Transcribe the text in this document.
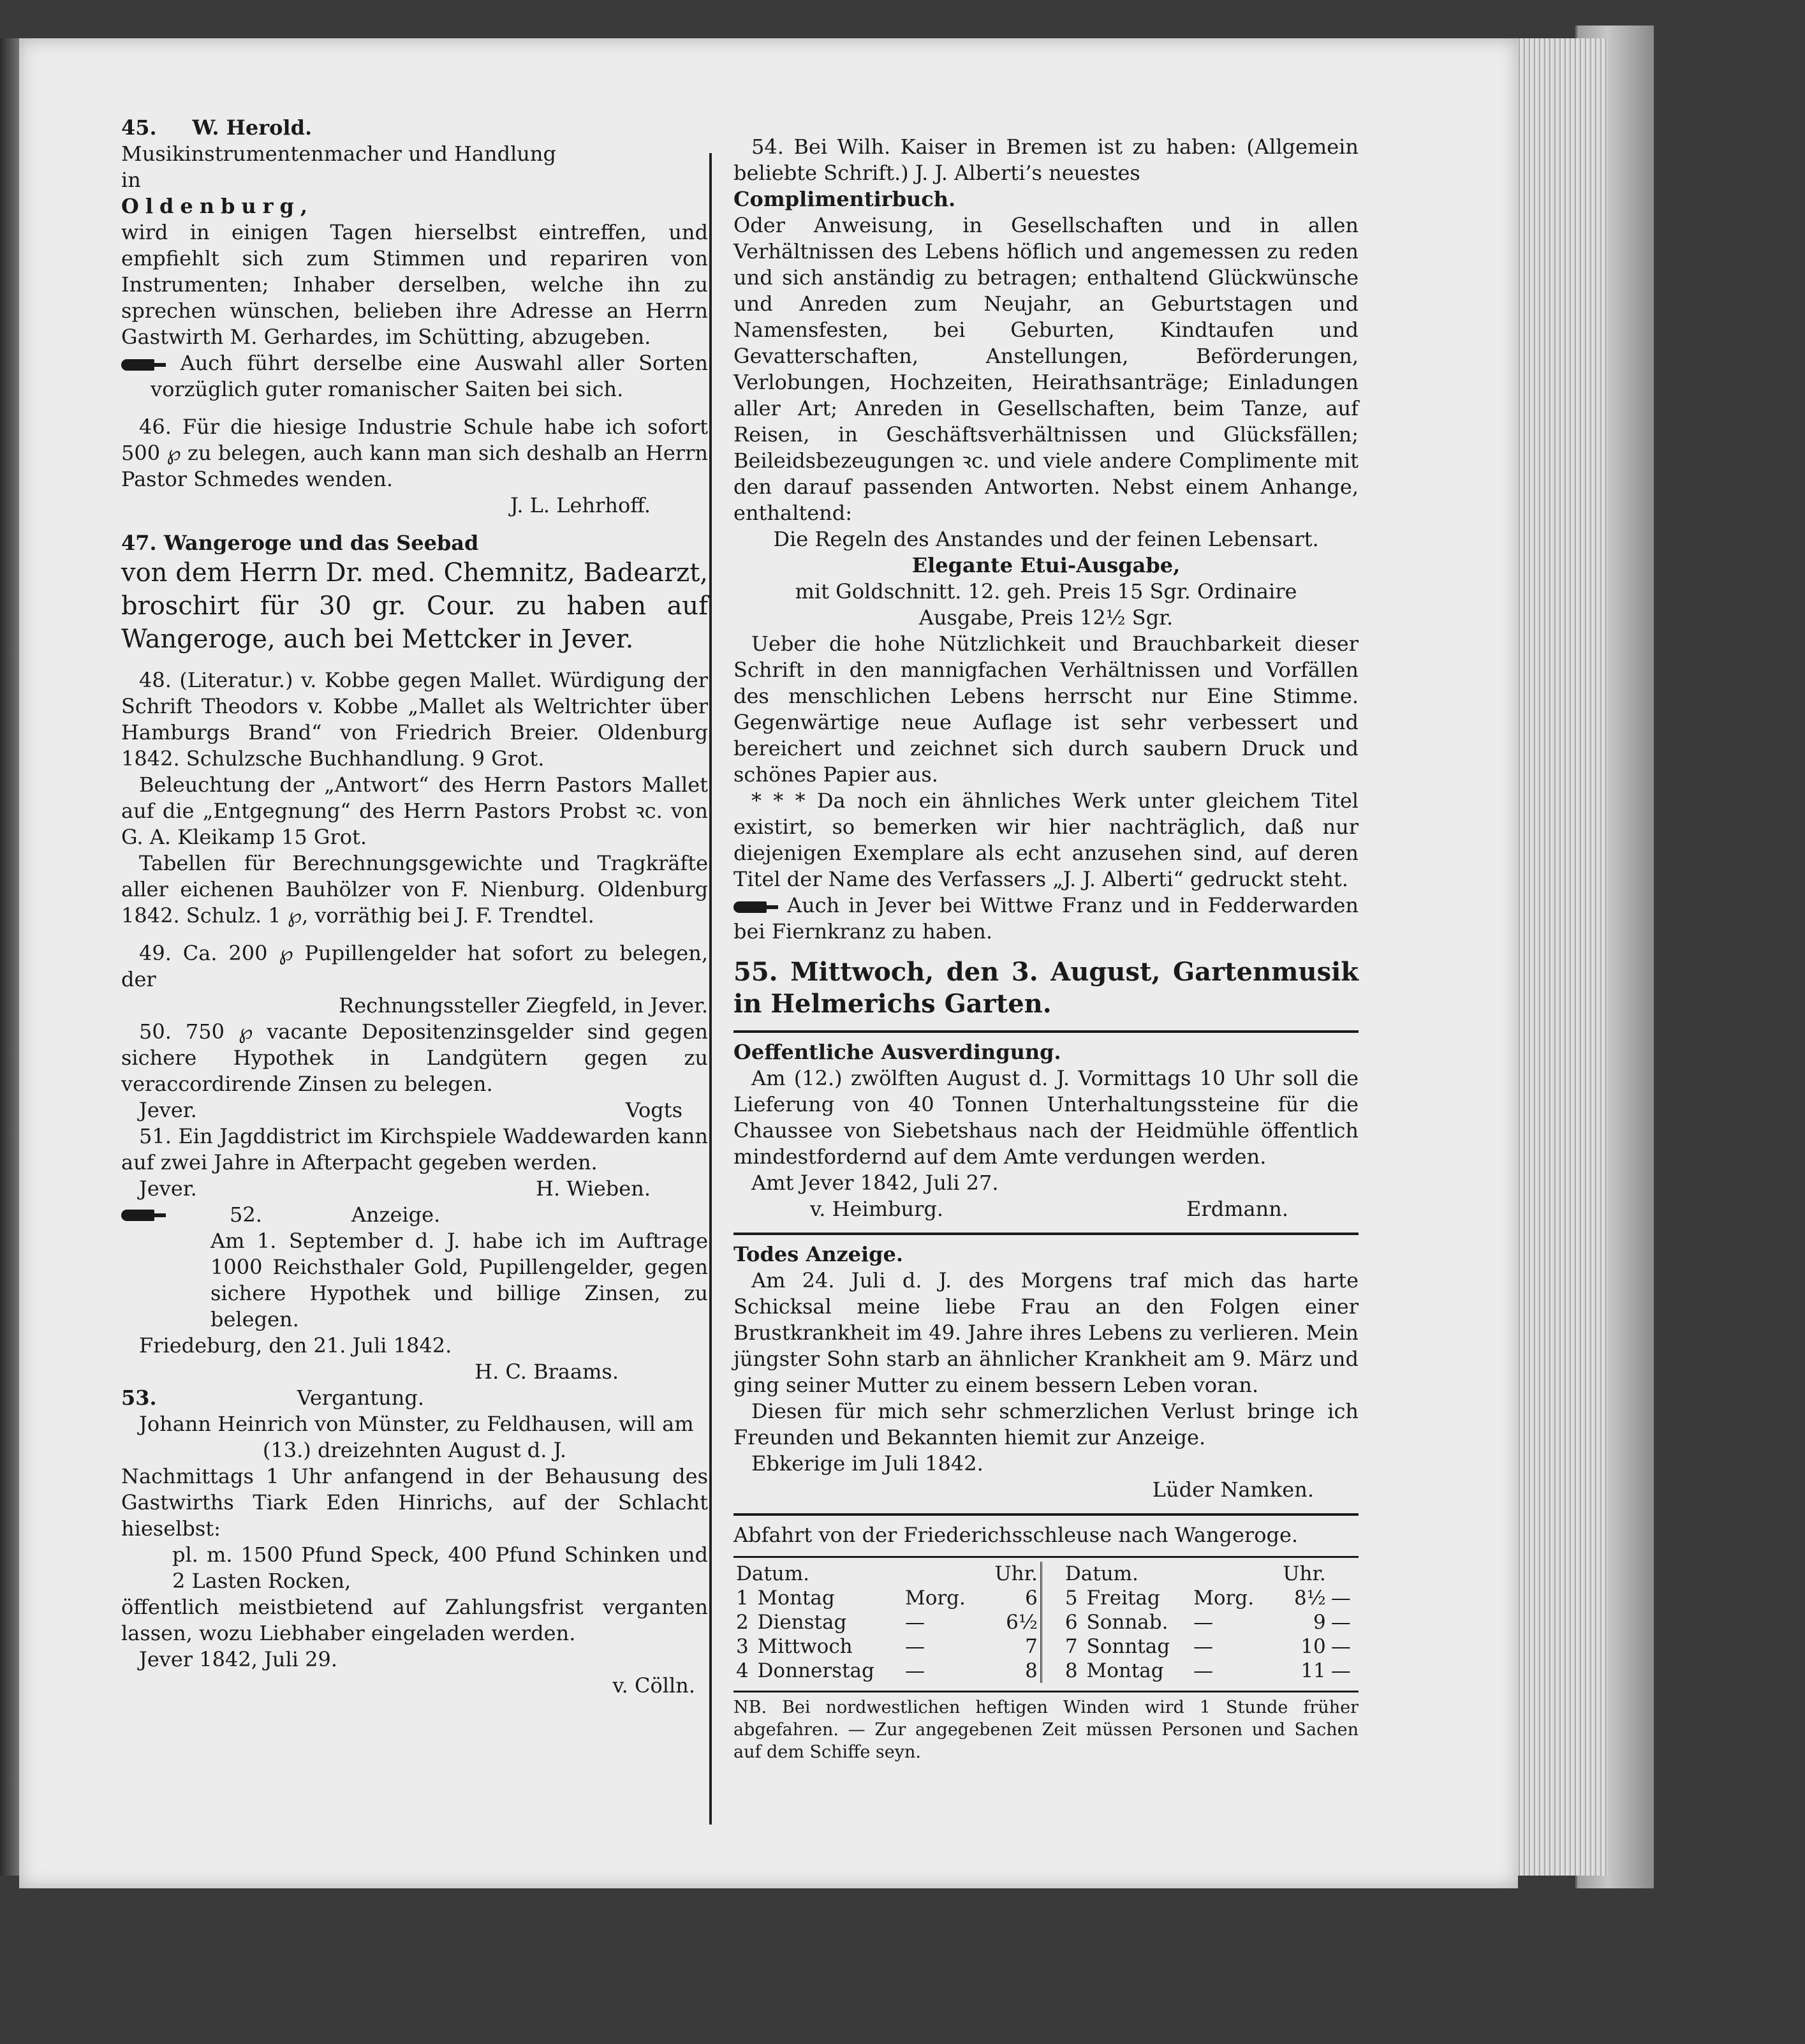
45. W. Herold.
Musikinstrumentenmacher und Handlung
in
Oldenburg,

wird in einigen Tagen hierselbst eintreffen, und empfiehlt sich zum Stimmen und repariren von Instrumenten; Inhaber derselben, welche ihn zu sprechen wünschen, belieben ihre Adresse an Herrn Gastwirth M. Gerhardes, im Schütting, abzugeben.

Auch führt derselbe eine Auswahl aller Sorten vorzüglich guter romanischer Saiten bei sich.

46. Für die hiesige Industrie Schule habe ich sofort 500 ℘ zu belegen, auch kann man sich deshalb an Herrn Pastor Schmedes wenden.

J. L. Lehrhoff.

47. Wangeroge und das Seebad

von dem Herrn Dr. med. Chemnitz, Badearzt, broschirt für 30 gr. Cour. zu haben auf Wangeroge, auch bei Mettcker in Jever.

48. (Literatur.) v. Kobbe gegen Mallet. Würdigung der Schrift Theodors v. Kobbe „Mallet als Weltrichter über Hamburgs Brand“ von Friedrich Breier. Oldenburg 1842. Schulzsche Buchhandlung. 9 Grot.

Beleuchtung der „Antwort“ des Herrn Pastors Mallet auf die „Entgegnung“ des Herrn Pastors Probst ꝛc. von G. A. Kleikamp 15 Grot.

Tabellen für Berechnungsgewichte und Tragkräfte aller eichenen Bauhölzer von F. Nienburg. Oldenburg 1842. Schulz. 1 ℘, vorräthig bei J. F. Trendtel.

49. Ca. 200 ℘ Pupillengelder hat sofort zu belegen, der

Rechnungssteller Ziegfeld, in Jever.

50. 750 ℘ vacante Depositenzinsgelder sind gegen sichere Hypothek in Landgütern gegen zu veraccordirende Zinsen zu belegen.

Jever.	Vogts

51. Ein Jagddistrict im Kirchspiele Waddewarden kann auf zwei Jahre in Afterpacht gegeben werden.

Jever.	H. Wieben.
52.	Anzeige.

Am 1. September d. J. habe ich im Auftrage 1000 Reichsthaler Gold, Pupillengelder, gegen sichere Hypothek und billige Zinsen, zu belegen.

Friedeburg, den 21. Juli 1842.

H. C. Braams.

53.	Vergantung.

Johann Heinrich von Münster, zu Feldhausen, will am

(13.) dreizehnten August d. J.

Nachmittags 1 Uhr anfangend in der Behausung des Gastwirths Tiark Eden Hinrichs, auf der Schlacht hieselbst:

pl. m. 1500 Pfund Speck, 400 Pfund Schinken und 2 Lasten Rocken,

öffentlich meistbietend auf Zahlungsfrist verganten lassen, wozu Liebhaber eingeladen werden.

Jever 1842, Juli 29.

v. Cölln.

54. Bei Wilh. Kaiser in Bremen ist zu haben: (Allgemein beliebte Schrift.) J. J. Alberti’s neuestes

Complimentirbuch.

Oder Anweisung, in Gesellschaften und in allen Verhältnissen des Lebens höflich und angemessen zu reden und sich anständig zu betragen; enthaltend Glückwünsche und Anreden zum Neujahr, an Geburtstagen und Namensfesten, bei Geburten, Kindtaufen und Gevatterschaften, Anstellungen, Beförderungen, Verlobungen, Hochzeiten, Heirathsanträge; Einladungen aller Art; Anreden in Gesellschaften, beim Tanze, auf Reisen, in Geschäftsverhältnissen und Glücksfällen; Beileidsbezeugungen ꝛc. und viele andere Complimente mit den darauf passenden Antworten. Nebst einem Anhange, enthaltend:

Die Regeln des Anstandes und der feinen Lebensart.

Elegante Etui-Ausgabe,

mit Goldschnitt. 12. geh. Preis 15 Sgr. Ordinaire

Ausgabe, Preis 12½ Sgr.

Ueber die hohe Nützlichkeit und Brauchbarkeit dieser Schrift in den mannigfachen Verhältnissen und Vorfällen des menschlichen Lebens herrscht nur Eine Stimme. Gegenwärtige neue Auflage ist sehr verbessert und bereichert und zeichnet sich durch saubern Druck und schönes Papier aus.

* * * Da noch ein ähnliches Werk unter gleichem Titel existirt, so bemerken wir hier nachträglich, daß nur diejenigen Exemplare als echt anzusehen sind, auf deren Titel der Name des Verfassers „J. J. Alberti“ gedruckt steht.

Auch in Jever bei Wittwe Franz und in Fedderwarden bei Fiernkranz zu haben.

55. Mittwoch, den 3. August, Gartenmusik in Helmerichs Garten.

Oeffentliche Ausverdingung.

Am (12.) zwölften August d. J. Vormittags 10 Uhr soll die Lieferung von 40 Tonnen Unterhaltungssteine für die Chaussee von Siebetshaus nach der Heidmühle öffentlich mindestfordernd auf dem Amte verdungen werden.

Amt Jever 1842, Juli 27.

v. Heimburg.	Erdmann.
Todes Anzeige.

Am 24. Juli d. J. des Morgens traf mich das harte Schicksal meine liebe Frau an den Folgen einer Brustkrankheit im 49. Jahre ihres Lebens zu verlieren. Mein jüngster Sohn starb an ähnlicher Krankheit am 9. März und ging seiner Mutter zu einem bessern Leben voran.

Diesen für mich sehr schmerzlichen Verlust bringe ich Freunden und Bekannten hiemit zur Anzeige.

Ebkerige im Juli 1842.

Lüder Namken.

Abfahrt von der Friederichsschleuse nach Wangeroge.
Datum.			Uhr.		Datum.			Uhr.	
1	Montag	Morg.	6		5	Freitag	Morg.	8½	—
2	Dienstag	—	6½		6	Sonnab.	—	9	—
3	Mittwoch	—	7		7	Sonntag	—	10	—
4	Donnerstag	—	8		8	Montag	—	11	—

NB. Bei nordwestlichen heftigen Winden wird 1 Stunde früher abgefahren. — Zur angegebenen Zeit müssen Personen und Sachen auf dem Schiffe seyn.
